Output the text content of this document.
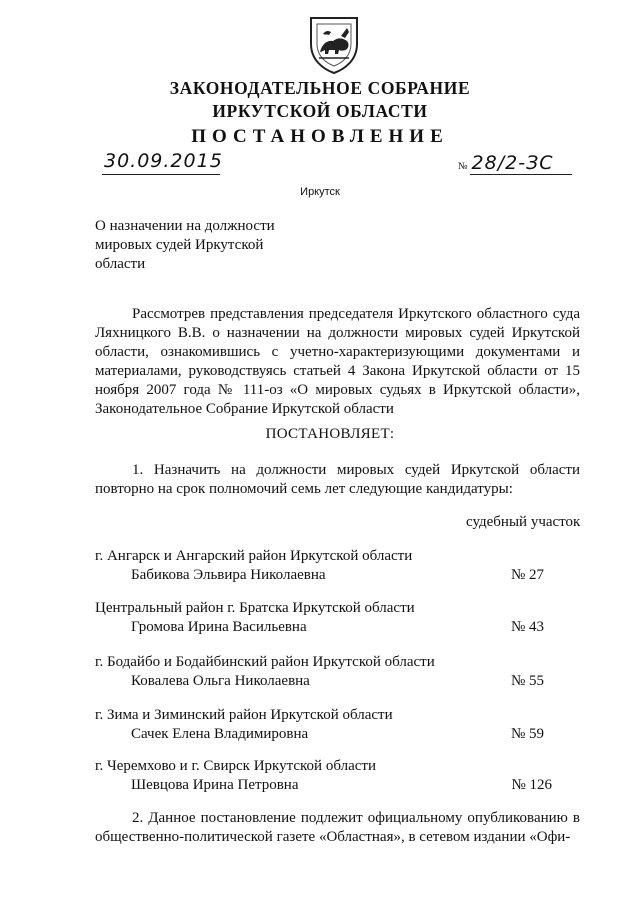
ЗАКОНОДАТЕЛЬНОЕ СОБРАНИЕ
ИРКУТСКОЙ ОБЛАСТИ
ПОСТАНОВЛЕНИЕ
30.09.2015	№ 28/2-ЗС
Иркутск
О назначении на должности мировых судей Иркутской области

Рассмотрев представления председателя Иркутского областного суда Ляхницкого В.В. о назначении на должности мировых судей Иркутской области, ознакомившись с учетно-характеризующими документами и материалами, руководствуясь статьей 4 Закона Иркутской области от 15 ноября 2007 года № 111-оз «О мировых судьях в Иркутской области», Законодательное Собрание Иркутской области

ПОСТАНОВЛЯЕТ:

1. Назначить на должности мировых судей Иркутской области повторно на срок полномочий семь лет следующие кандидатуры:

судебный участок
г. Ангарск и Ангарский район Иркутской области
Бабикова Эльвира Николаевна	№ 27
Центральный район г. Братска Иркутской области
Громова Ирина Васильевна	№ 43
г. Бодайбо и Бодайбинский район Иркутской области
Ковалева Ольга Николаевна	№ 55
г. Зима и Зиминский район Иркутской области
Сачек Елена Владимировна	№ 59
г. Черемхово и г. Свирск Иркутской области
Шевцова Ирина Петровна	№ 126

2. Данное постановление подлежит официальному опубликованию в общественно-политической газете «Областная», в сетевом издании «Офи-
